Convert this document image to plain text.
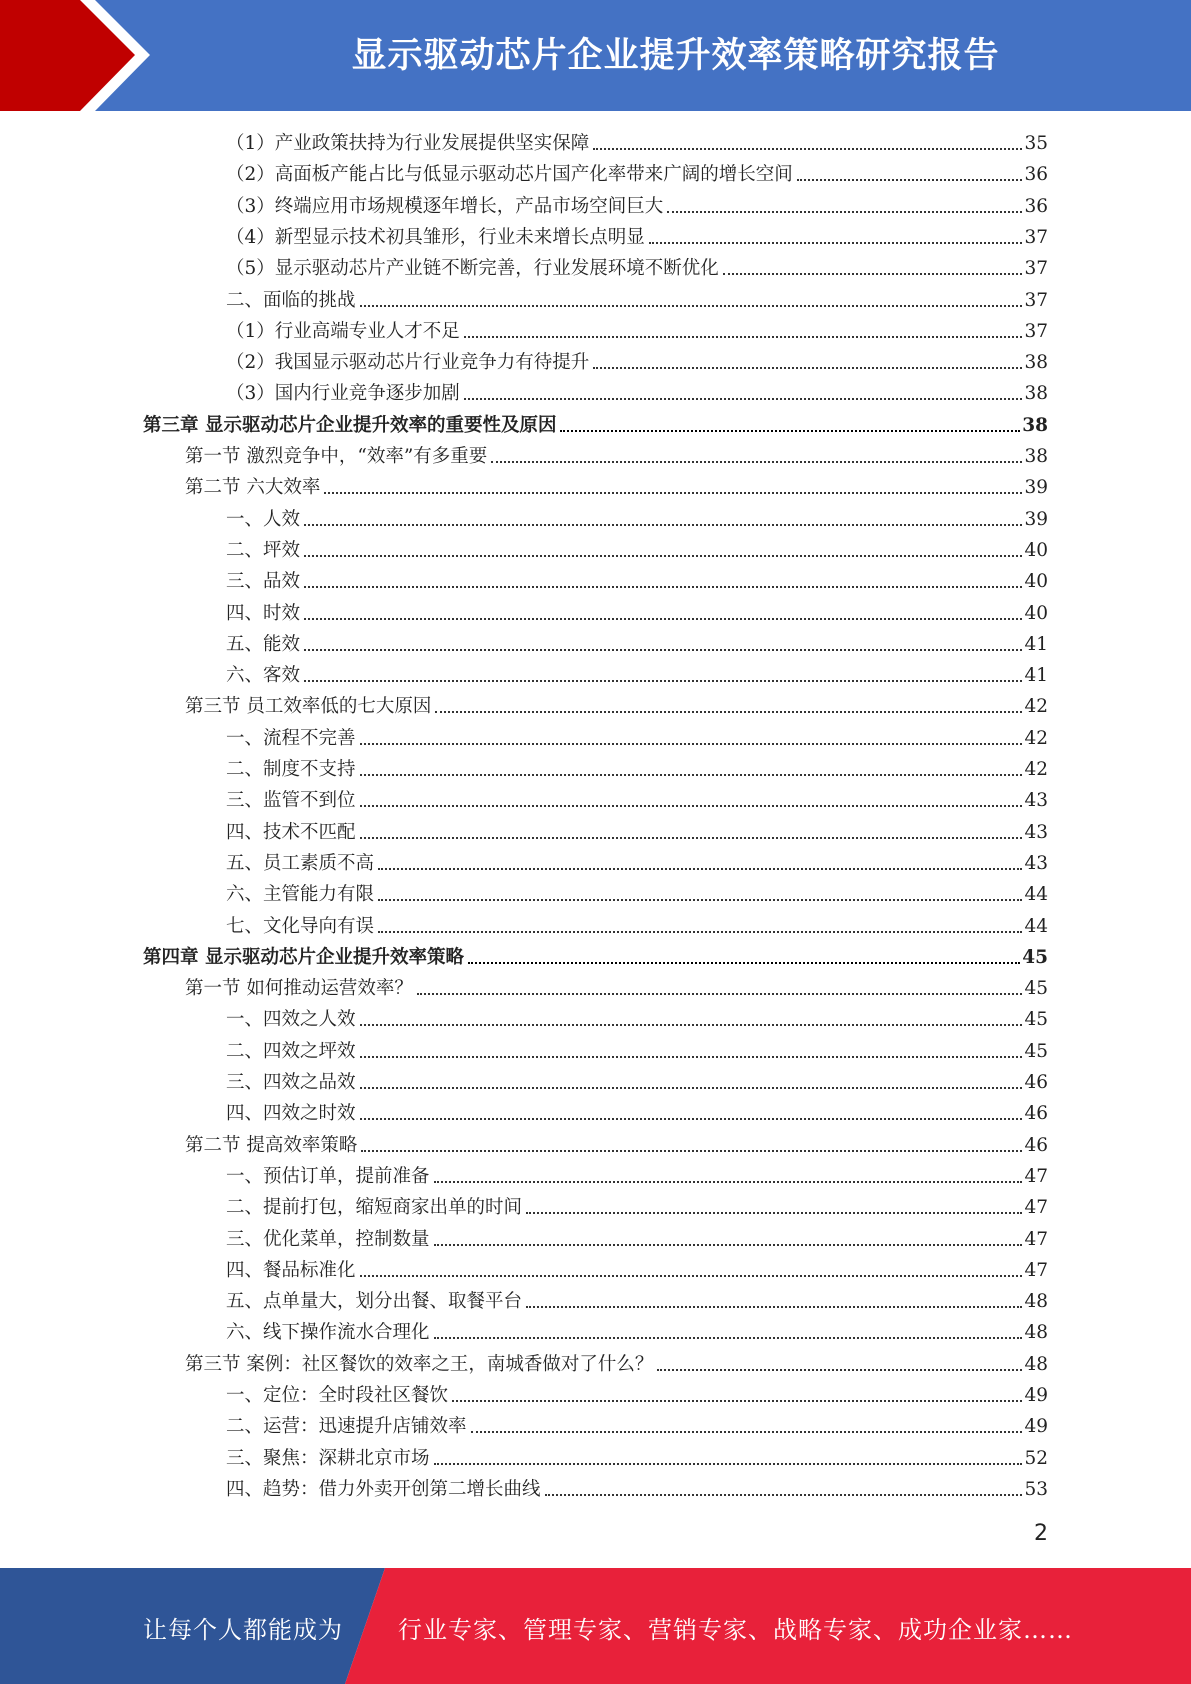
显示驱动芯片企业提升效率策略研究报告
（1）产业政策扶持为行业发展提供坚实保障	35
（2）高面板产能占比与低显示驱动芯片国产化率带来广阔的增长空间	36
（3）终端应用市场规模逐年增长，产品市场空间巨大	36
（4）新型显示技术初具雏形，行业未来增长点明显	37
（5）显示驱动芯片产业链不断完善，行业发展环境不断优化	37
二、面临的挑战	37
（1）行业高端专业人才不足	37
（2）我国显示驱动芯片行业竞争力有待提升	38
（3）国内行业竞争逐步加剧	38
第三章 显示驱动芯片企业提升效率的重要性及原因	38
第一节 激烈竞争中，“效率”有多重要	38
第二节 六大效率	39
一、人效	39
二、坪效	40
三、品效	40
四、时效	40
五、能效	41
六、客效	41
第三节 员工效率低的七大原因	42
一、流程不完善	42
二、制度不支持	42
三、监管不到位	43
四、技术不匹配	43
五、员工素质不高	43
六、主管能力有限	44
七、文化导向有误	44
第四章 显示驱动芯片企业提升效率策略	45
第一节 如何推动运营效率？	45
一、四效之人效	45
二、四效之坪效	45
三、四效之品效	46
四、四效之时效	46
第二节 提高效率策略	46
一、预估订单，提前准备	47
二、提前打包，缩短商家出单的时间	47
三、优化菜单，控制数量	47
四、餐品标准化	47
五、点单量大，划分出餐、取餐平台	48
六、线下操作流水合理化	48
第三节 案例：社区餐饮的效率之王，南城香做对了什么？	48
一、定位：全时段社区餐饮	49
二、运营：迅速提升店铺效率	49
三、聚焦：深耕北京市场	52
四、趋势：借力外卖开创第二增长曲线	53
2
让每个人都能成为 行业专家、管理专家、营销专家、战略专家、成功企业家……
